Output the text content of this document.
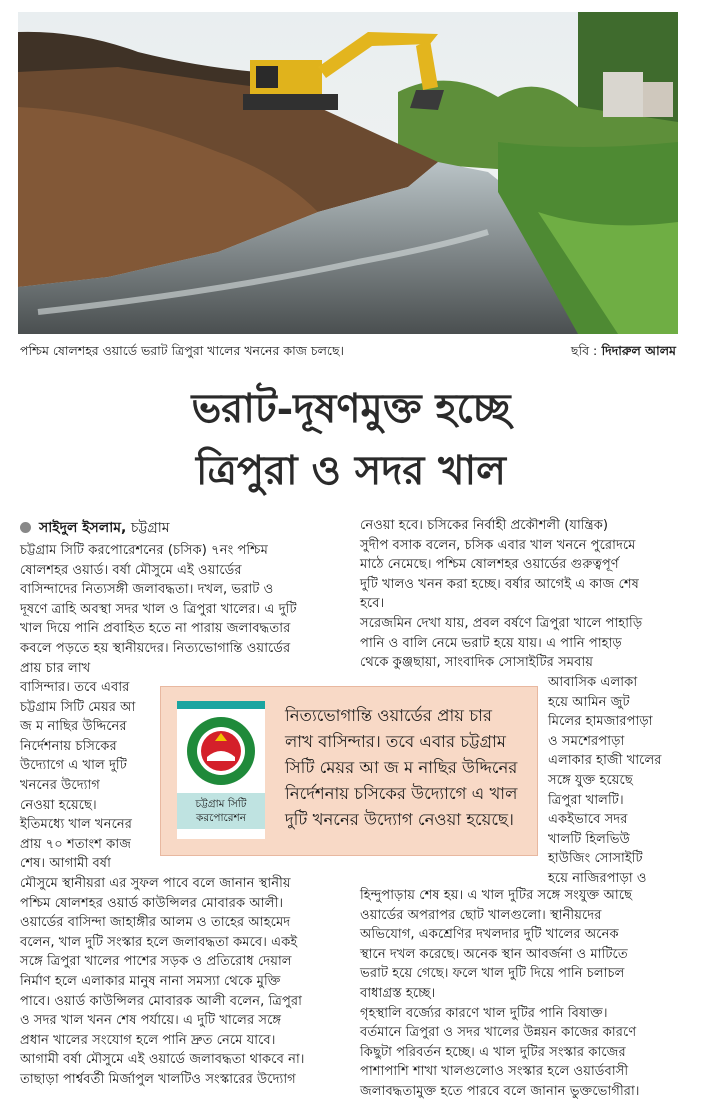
পশ্চিম ষোলশহর ওয়ার্ডে ভরাট ত্রিপুরা খালের খননের কাজ চলছে।	ছবি : দিদারুল আলম
ভরাট-দূষণমুক্ত হচ্ছে
ত্রিপুরা ও সদর খাল
সাইদুল ইসলাম, চট্টগ্রাম

চট্টগ্রাম সিটি করপোরেশনের (চসিক) ৭নং পশ্চিম

ষোলশহর ওয়ার্ড। বর্ষা মৌসুমে এই ওয়ার্ডের

বাসিন্দাদের নিত্যসঙ্গী জলাবদ্ধতা। দখল, ভরাট ও

দূষণে ত্রাহি অবস্থা সদর খাল ও ত্রিপুরা খালের। এ দুটি

খাল দিয়ে পানি প্রবাহিত হতে না পারায় জলাবদ্ধতার

কবলে পড়তে হয় স্থানীয়দের। নিত্যভোগান্তি ওয়ার্ডের

প্রায় চার লাখ

বাসিন্দার। তবে এবার

চট্টগ্রাম সিটি মেয়র আ

জ ম নাছির উদ্দিনের

নির্দেশনায় চসিকের

উদ্যোগে এ খাল দুটি

খননের উদ্যোগ

নেওয়া হয়েছে।

ইতিমধ্যে খাল খননের

প্রায় ৭০ শতাংশ কাজ

শেষ। আগামী বর্ষা

মৌসুমে স্থানীয়রা এর সুফল পাবে বলে জানান স্থানীয়

পশ্চিম ষোলশহর ওয়ার্ড কাউন্সিলর মোবারক আলী।

ওয়ার্ডের বাসিন্দা জাহাঙ্গীর আলম ও তাহের আহমেদ

বলেন, খাল দুটি সংস্কার হলে জলাবদ্ধতা কমবে। একই

সঙ্গে ত্রিপুরা খালের পাশের সড়ক ও প্রতিরোধ দেয়াল

নির্মাণ হলে এলাকার মানুষ নানা সমস্যা থেকে মুক্তি

পাবে। ওয়ার্ড কাউন্সিলর মোবারক আলী বলেন, ত্রিপুরা

ও সদর খাল খনন শেষ পর্যায়ে। এ দুটি খালের সঙ্গে

প্রধান খালের সংযোগ হলে পানি দ্রুত নেমে যাবে।

আগামী বর্ষা মৌসুমে এই ওয়ার্ডে জলাবদ্ধতা থাকবে না।

তাছাড়া পার্শ্ববর্তী মির্জাপুল খালটিও সংস্কারের উদ্যোগ

নেওয়া হবে। চসিকের নির্বাহী প্রকৌশলী (যান্ত্রিক)

সুদীপ বসাক বলেন, চসিক এবার খাল খননে পুরোদমে

মাঠে নেমেছে। পশ্চিম ষোলশহর ওয়ার্ডের গুরুত্বপূর্ণ

দুটি খালও খনন করা হচ্ছে। বর্ষার আগেই এ কাজ শেষ

হবে।

সরেজমিন দেখা যায়, প্রবল বর্ষণে ত্রিপুরা খালে পাহাড়ি

পানি ও বালি নেমে ভরাট হয়ে যায়। এ পানি পাহাড়

থেকে কুঞ্জছায়া, সাংবাদিক সোসাইটির সমবায়

আবাসিক এলাকা

হয়ে আমিন জুট

মিলের হামজারপাড়া

ও সমশেরপাড়া

এলাকার হাজী খালের

সঙ্গে যুক্ত হয়েছে

ত্রিপুরা খালটি।

একইভাবে সদর

খালটি হিলভিউ

হাউজিং সোসাইটি

হয়ে নাজিরপাড়া ও

হিন্দুপাড়ায় শেষ হয়। এ খাল দুটির সঙ্গে সংযুক্ত আছে

ওয়ার্ডের অপরাপর ছোট খালগুলো। স্থানীয়দের

অভিযোগ, একশ্রেণির দখলদার দুটি খালের অনেক

স্থানে দখল করেছে। অনেক স্থান আবর্জনা ও মাটিতে

ভরাট হয়ে গেছে। ফলে খাল দুটি দিয়ে পানি চলাচল

বাধাগ্রস্ত হচ্ছে।

গৃহস্থালি বর্জ্যের কারণে খাল দুটির পানি বিষাক্ত।

বর্তমানে ত্রিপুরা ও সদর খালের উন্নয়ন কাজের কারণে

কিছুটা পরিবর্তন হচ্ছে। এ খাল দুটির সংস্কার কাজের

পাশাপাশি শাখা খালগুলোও সংস্কার হলে ওয়ার্ডবাসী

জলাবদ্ধতামুক্ত হতে পারবে বলে জানান ভুক্তভোগীরা।

চট্টগ্রাম সিটি
করপোরেশন
নিত্যভোগান্তি ওয়ার্ডের প্রায় চার লাখ বাসিন্দার। তবে এবার চট্টগ্রাম সিটি মেয়র আ জ ম নাছির উদ্দিনের নির্দেশনায় চসিকের উদ্যোগে এ খাল দুটি খননের উদ্যোগ নেওয়া হয়েছে।
